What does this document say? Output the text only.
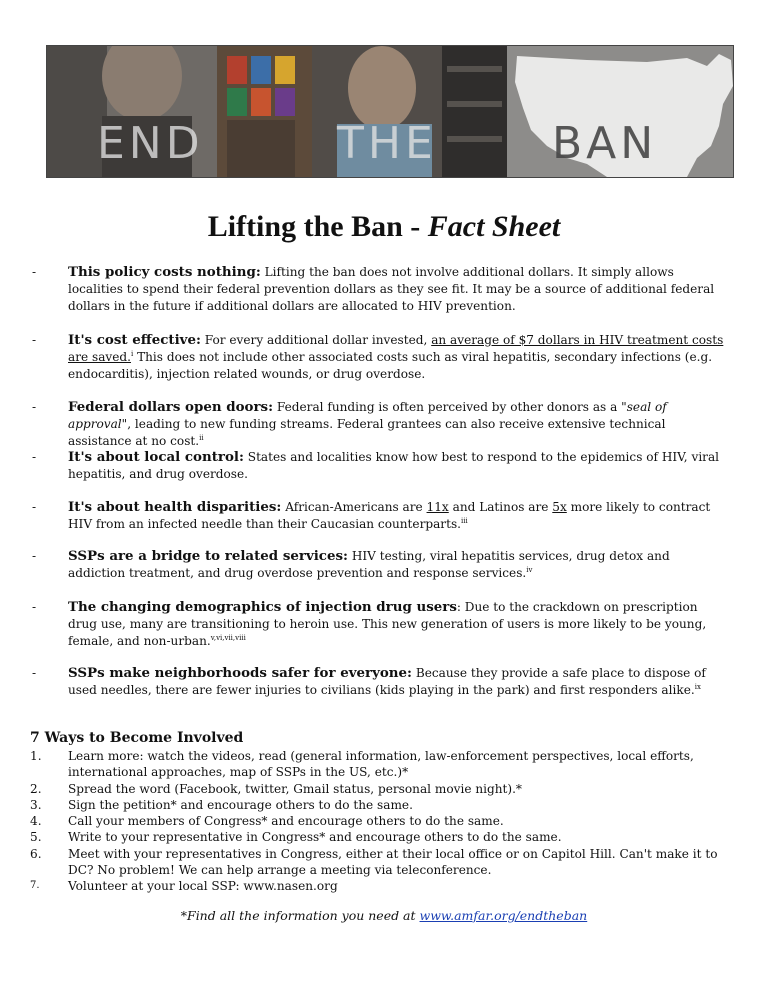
END	THE	BAN
Lifting the Ban - Fact Sheet
- This policy costs nothing: Lifting the ban does not involve additional dollars. It simply allows localities to spend their federal prevention dollars as they see fit. It may be a source of additional federal dollars in the future if additional dollars are allocated to HIV prevention.
- It's cost effective: For every additional dollar invested, an average of $7 dollars in HIV treatment costs are saved.$^i$ This does not include other associated costs such as viral hepatitis, secondary infections (e.g. endocarditis), injection related wounds, or drug overdose.
- Federal dollars open doors: Federal funding is often perceived by other donors as a "seal of approval", leading to new funding streams. Federal grantees can also receive extensive technical assistance at no cost.$^{ii}$
- It's about local control: States and localities know how best to respond to the epidemics of HIV, viral hepatitis, and drug overdose.
- It's about health disparities: African-Americans are 11x and Latinos are 5x more likely to contract HIV from an infected needle than their Caucasian counterparts.$^{iii}$
- SSPs are a bridge to related services: HIV testing, viral hepatitis services, drug detox and addiction treatment, and drug overdose prevention and response services.$^{iv}$
- The changing demographics of injection drug users: Due to the crackdown on prescription drug use, many are transitioning to heroin use. This new generation of users is more likely to be young, female, and non-urban.$^{v,vi,vii,viii}$
- SSPs make neighborhoods safer for everyone: Because they provide a safe place to dispose of used needles, there are fewer injuries to civilians (kids playing in the park) and first responders alike.$^{ix}$
7 Ways to Become Involved
1. Learn more: watch the videos, read (general information, law-enforcement perspectives, local efforts, international approaches, map of SSPs in the US, etc.)*
2. Spread the word (Facebook, twitter, Gmail status, personal movie night).*
3. Sign the petition* and encourage others to do the same.
4. Call your members of Congress* and encourage others to do the same.
5. Write to your representative in Congress* and encourage others to do the same.
6. Meet with your representatives in Congress, either at their local office or on Capitol Hill. Can't make it to DC? No problem! We can help arrange a meeting via teleconference.
7. Volunteer at your local SSP: www.nasen.org
*Find all the information you need at www.amfar.org/endtheban
